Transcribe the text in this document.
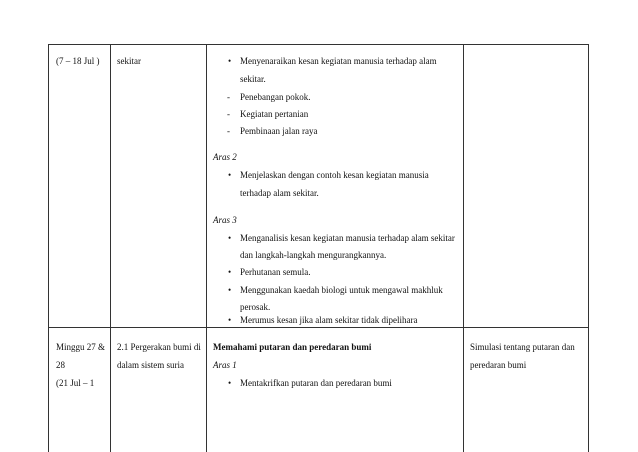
(7 – 18 Jul ) sekitar	• Menyenaraikan kesan kegiatan manusia terhadap alam
sekitar.
- Penebangan pokok.
- Kegiatan pertanian
- Pembinaan jalan raya
Aras 2
• Menjelaskan dengan contoh kesan kegiatan manusia
terhadap alam sekitar.
Aras 3
• Menganalisis kesan kegiatan manusia terhadap alam sekitar
dan langkah-langkah mengurangkannya.
• Perhutanan semula.
• Menggunakan kaedah biologi untuk mengawal makhluk
perosak.
• Merumus kesan jika alam sekitar tidak dipelihara
Minggu 27 &
28
(21 Jul – 1
2.1 Pergerakan bumi di
dalam sistem suria
Memahami putaran dan peredaran bumi
Aras 1
• Mentakrifkan putaran dan peredaran bumi
Simulasi tentang putaran dan
peredaran bumi
